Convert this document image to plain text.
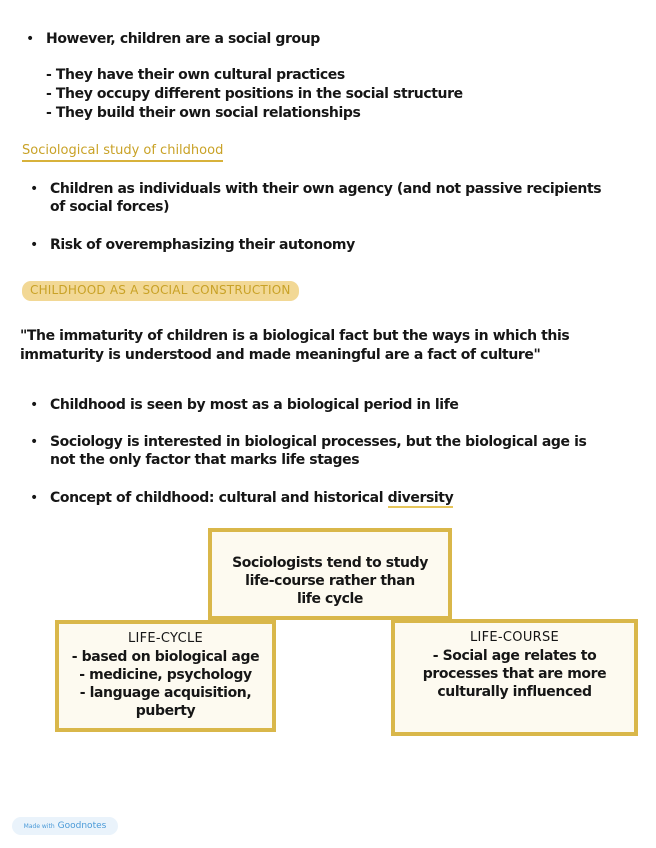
• However, children are a social group
- They have their own cultural practices
- They occupy different positions in the social structure
- They build their own social relationships
Sociological study of childhood
• Children as individuals with their own agency (and not passive recipients
of social forces)
• Risk of overemphasizing their autonomy
CHILDHOOD AS A SOCIAL CONSTRUCTION
"The immaturity of children is a biological fact but the ways in which this
immaturity is understood and made meaningful are a fact of culture"
• Childhood is seen by most as a biological period in life
• Sociology is interested in biological processes, but the biological age is
not the only factor that marks life stages
• Concept of childhood: cultural and historical diversity
Sociologists tend to study
life-course rather than
life cycle
LIFE-CYCLE
- based on biological age
- medicine, psychology
- language acquisition,
puberty
LIFE-COURSE
- Social age relates to
processes that are more
culturally influenced
Made with Goodnotes
